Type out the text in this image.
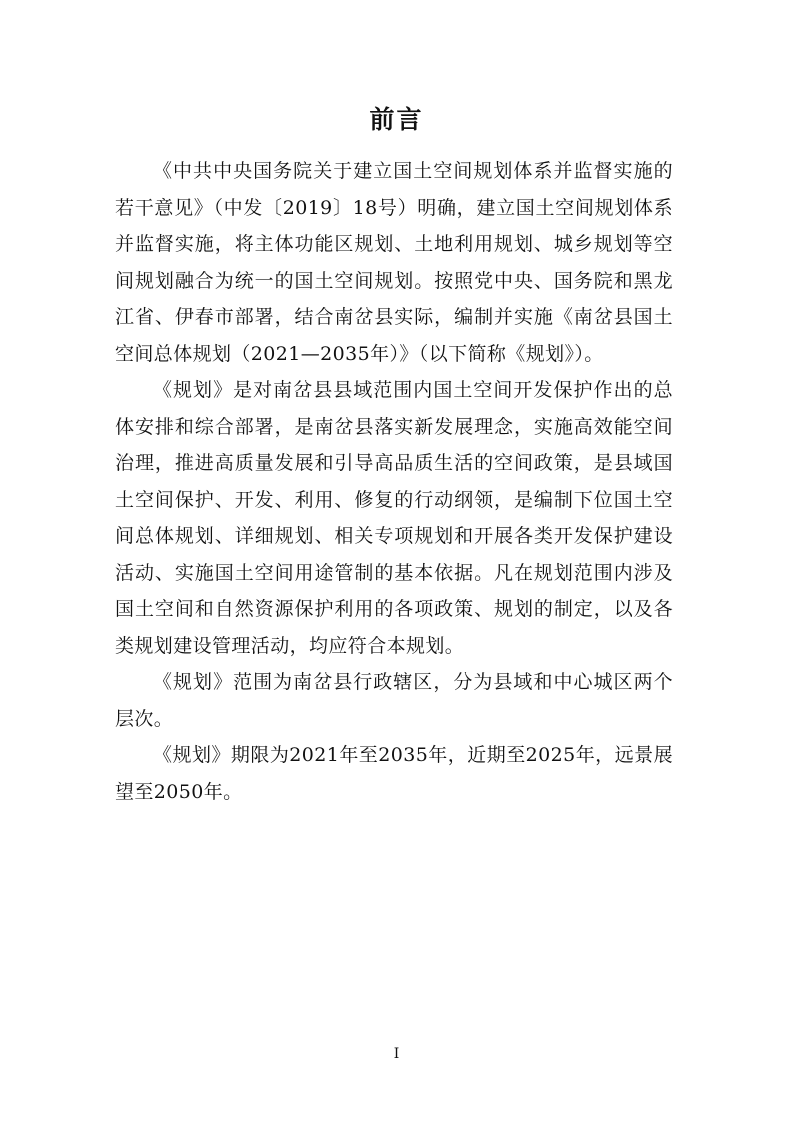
前言

《中共中央国务院关于建立国土空间规划体系并监督实施的若干意见》（中发〔2019〕18号）明确，建立国土空间规划体系并监督实施，将主体功能区规划、土地利用规划、城乡规划等空间规划融合为统一的国土空间规划。按照党中央、国务院和黑龙江省、伊春市部署，结合南岔县实际，编制并实施《南岔县国土空间总体规划（2021—2035年）》（以下简称《规划》）。

《规划》是对南岔县县域范围内国土空间开发保护作出的总体安排和综合部署，是南岔县落实新发展理念，实施高效能空间治理，推进高质量发展和引导高品质生活的空间政策，是县域国土空间保护、开发、利用、修复的行动纲领，是编制下位国土空间总体规划、详细规划、相关专项规划和开展各类开发保护建设活动、实施国土空间用途管制的基本依据。凡在规划范围内涉及国土空间和自然资源保护利用的各项政策、规划的制定，以及各类规划建设管理活动，均应符合本规划。

《规划》范围为南岔县行政辖区，分为县域和中心城区两个层次。

《规划》期限为2021年至2035年，近期至2025年，远景展望至2050年。

I
